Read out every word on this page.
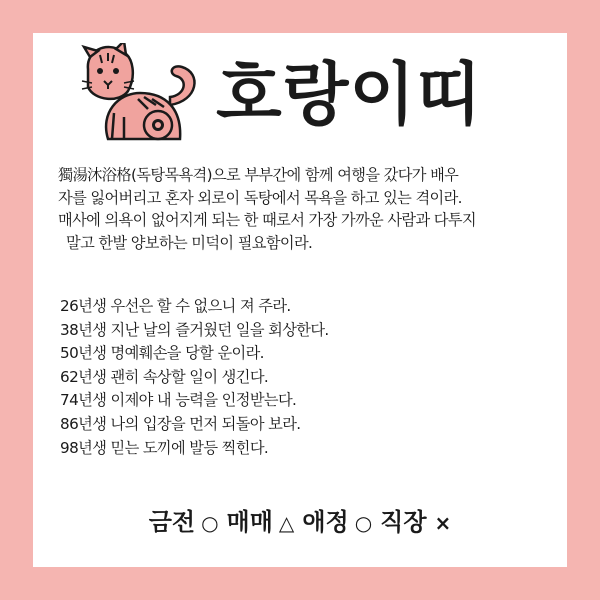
호랑이띠
獨湯沐浴格(독탕목욕격)으로 부부간에 함께 여행을 갔다가 배우
자를 잃어버리고 혼자 외로이 독탕에서 목욕을 하고 있는 격이라.
매사에 의욕이 없어지게 되는 한 때로서 가장 가까운 사람과 다투지
말고 한발 양보하는 미덕이 필요함이라.
26년생 우선은 할 수 없으니 져 주라.
38년생 지난 날의 즐거웠던 일을 회상한다.
50년생 명예훼손을 당할 운이라.
62년생 괜히 속상할 일이 생긴다.
74년생 이제야 내 능력을 인정받는다.
86년생 나의 입장을 먼저 되돌아 보라.
98년생 믿는 도끼에 발등 찍힌다.
금전 ○ 매매 △ 애정 ○ 직장 ×
